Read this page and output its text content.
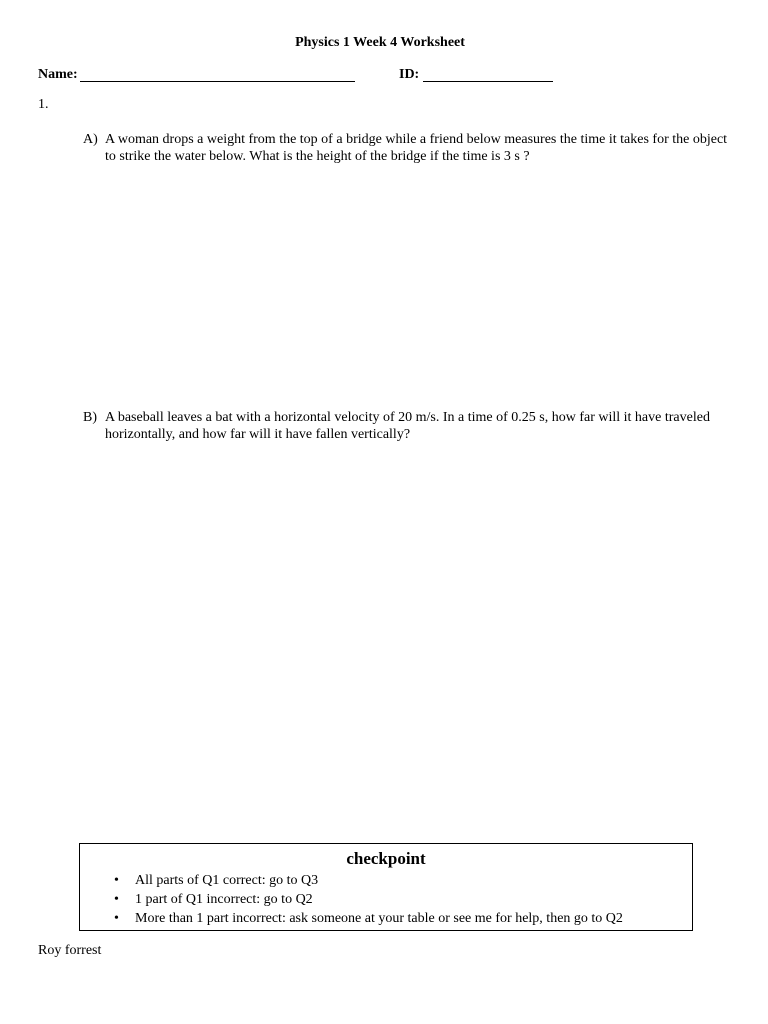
Physics 1 Week 4 Worksheet
Name:	ID:
1.
A) A woman drops a weight from the top of a bridge while a friend below measures the time it takes for the object to strike the water below. What is the height of the bridge if the time is 3 s ?
B) A baseball leaves a bat with a horizontal velocity of 20 m/s. In a time of 0.25 s, how far will it have traveled horizontally, and how far will it have fallen vertically?
checkpoint
• All parts of Q1 correct: go to Q3
• 1 part of Q1 incorrect: go to Q2
• More than 1 part incorrect: ask someone at your table or see me for help, then go to Q2
Roy forrest
